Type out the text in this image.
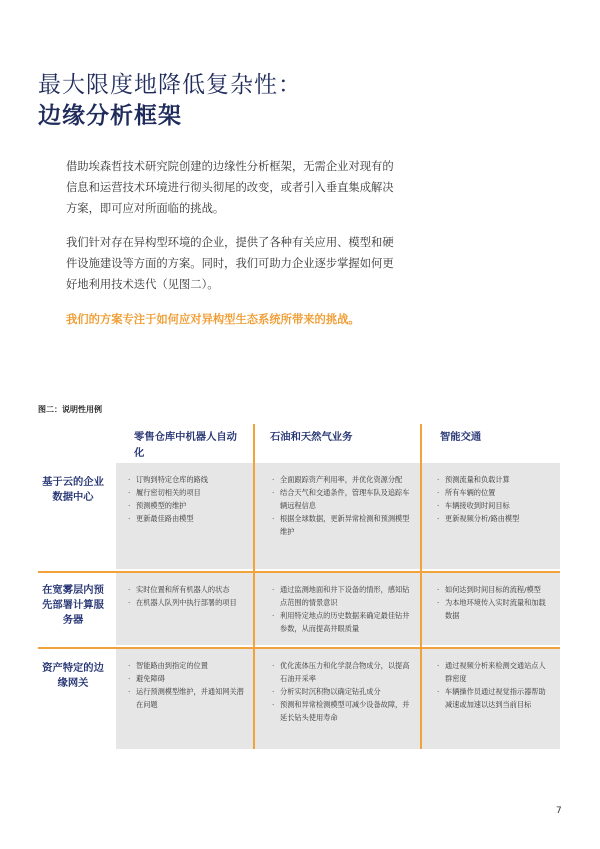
最大限度地降低复杂性：
边缘分析框架
借助埃森哲技术研究院创建的边缘性分析框架，无需企业对现有的信息和运营技术环境进行彻头彻尾的改变，或者引入垂直集成解决方案，即可应对所面临的挑战。
我们针对存在异构型环境的企业，提供了各种有关应用、模型和硬件设施建设等方面的方案。同时，我们可助力企业逐步掌握如何更好地利用技术迭代（见图二）。
我们的方案专注于如何应对异构型生态系统所带来的挑战。
图二：说明性用例
零售仓库中机器人自动化
石油和天然气业务	智能交通
· 订购到特定仓库的路线
· 履行密切相关的项目
· 预测模型的维护
· 更新最佳路由模型
· 全面跟踪资产利用率，并优化资源分配
· 结合天气和交通条件，管理车队及追踪车辆远程信息
· 根据全球数据，更新异常检测和预测模型维护
· 预测流量和负载计算
· 所有车辆的位置
· 车辆接收到时间目标
· 更新视频分析/路由模型
· 实时位置和所有机器人的状态
· 在机器人队列中执行部署的项目
· 通过监测地面和井下设备的情形，感知钻点范围的情景意识
· 利用特定地点的历史数据来确定最佳钻井参数，从而提高井眼质量
· 如何达到时间目标的流程/模型
· 为本地环境传入实时流量和加载数据
· 智能路由到指定的位置
· 避免障碍
· 运行预测模型维护，并通知网关潜在问题
· 优化流体压力和化学混合物成分，以提高石油开采率
· 分析实时沉积物以确定钻孔成分
· 预测和异常检测模型可减少设备故障，并延长钻头使用寿命
· 通过视频分析来检测交通站点人群密度
· 车辆操作员通过视觉指示器帮助减速或加速以达到当前目标
基于云的企业数据中心
在宽雾层内预先部署计算服务器
资产特定的边缘网关
7
